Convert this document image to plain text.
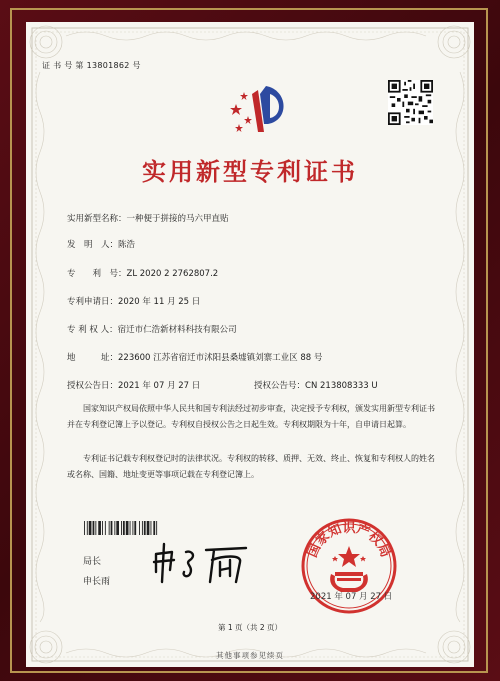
证 书 号 第 13801862 号
实用新型专利证书
实用新型名称：一种便于拼接的马六甲直贴
发　明　人：陈浩
专　　利　号：ZL 2020 2 2762807.2
专利申请日：2020 年 11 月 25 日
专 利 权 人：宿迁市仁浩新材料科技有限公司
地　　　址：223600 江苏省宿迁市沭阳县桑墟镇刘寨工业区 88 号
授权公告日：2021 年 07 月 27 日	授权公告号：CN 213808333 U
国家知识产权局依照中华人民共和国专利法经过初步审查，决定授予专利权，颁发实用新型专利证书并在专利登记簿上予以登记。专利权自授权公告之日起生效。专利权期限为十年，自申请日起算。
专利证书记载专利权登记时的法律状况。专利权的转移、质押、无效、终止、恢复和专利权人的姓名或名称、国籍、地址变更等事项记载在专利登记簿上。
局长
申长雨
国家知识产权局
2021 年 07 月 27 日
第 1 页（共 2 页）
其他事项参见续页
